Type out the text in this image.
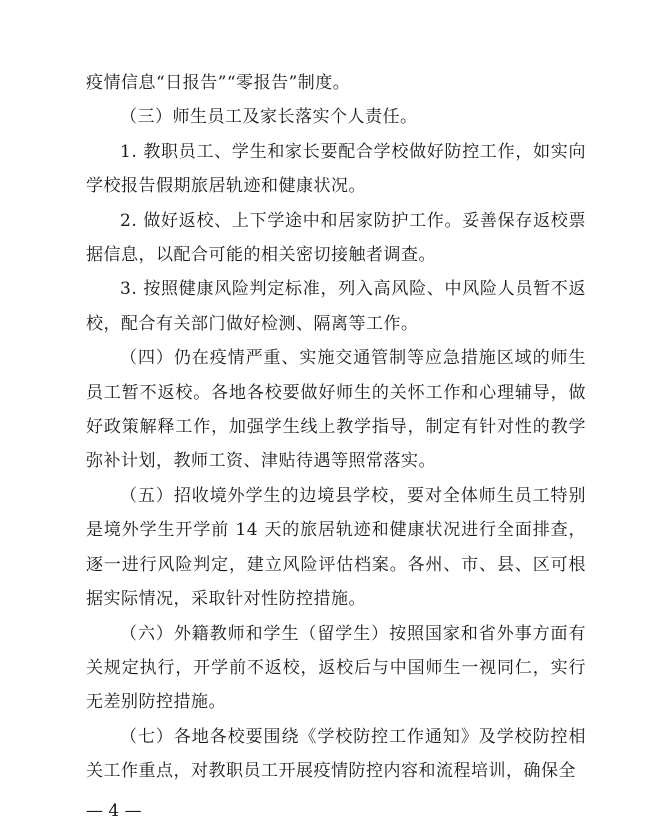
疫情信息“日报告”“零报告”制度。

（三）师生员工及家长落实个人责任。

1. 教职员工、学生和家长要配合学校做好防控工作，如实向学校报告假期旅居轨迹和健康状况。

2. 做好返校、上下学途中和居家防护工作。妥善保存返校票据信息，以配合可能的相关密切接触者调查。

3. 按照健康风险判定标准，列入高风险、中风险人员暂不返校，配合有关部门做好检测、隔离等工作。

（四）仍在疫情严重、实施交通管制等应急措施区域的师生员工暂不返校。各地各校要做好师生的关怀工作和心理辅导，做好政策解释工作，加强学生线上教学指导，制定有针对性的教学弥补计划，教师工资、津贴待遇等照常落实。

（五）招收境外学生的边境县学校，要对全体师生员工特别是境外学生开学前 14 天的旅居轨迹和健康状况进行全面排查，逐一进行风险判定，建立风险评估档案。各州、市、县、区可根据实际情况，采取针对性防控措施。

（六）外籍教师和学生（留学生）按照国家和省外事方面有关规定执行，开学前不返校，返校后与中国师生一视同仁，实行无差别防控措施。

（七）各地各校要围绕《学校防控工作通知》及学校防控相关工作重点，对教职员工开展疫情防控内容和流程培训，确保全

— 4 —
